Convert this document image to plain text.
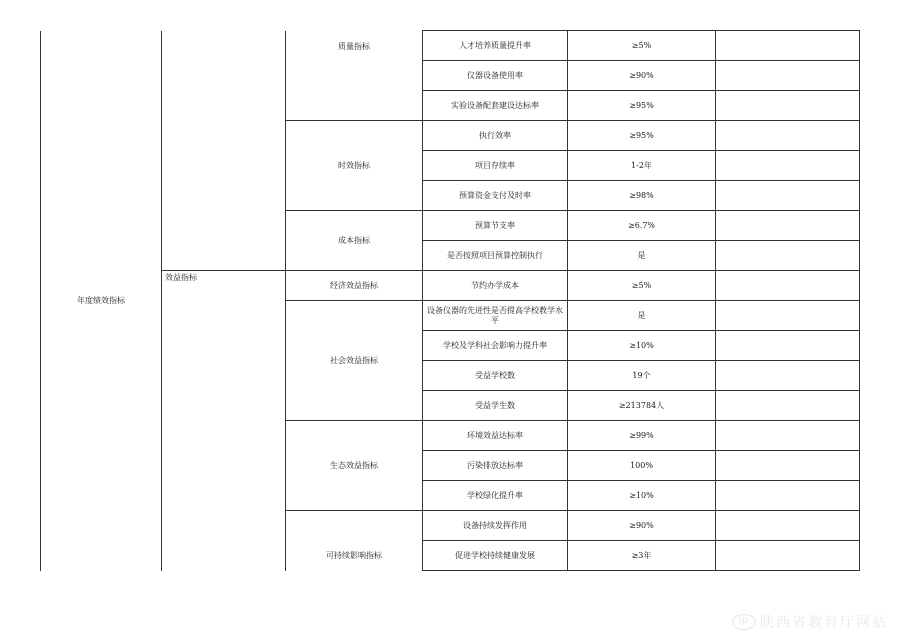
年度绩效指标		质量指标	人才培养质量提升率	≥5%	
			仪器设备使用率	≥90%	
			实验设备配套建设达标率	≥95%	
		时效指标	执行效率	≥95%	
			项目存续率	1-2年	
			预算资金支付及时率	≥98%	
		成本指标	预算节支率	≥6.7%	
			是否按照项目预算控制执行	是	
	效益指标	经济效益指标	节约办学成本	≥5%	
		社会效益指标	设备仪器的先进性是否提高学校教学水平	是	
			学校及学科社会影响力提升率	≥10%	
			受益学校数	19个	
			受益学生数	≥213784人	
		生态效益指标	环境效益达标率	≥99%	
			污染排放达标率	100%	
			学校绿化提升率	≥10%	
		可持续影响指标	设备持续发挥作用	≥90%	
			促进学校持续健康发展	≥3年	
印 陕西省教育厅网站
